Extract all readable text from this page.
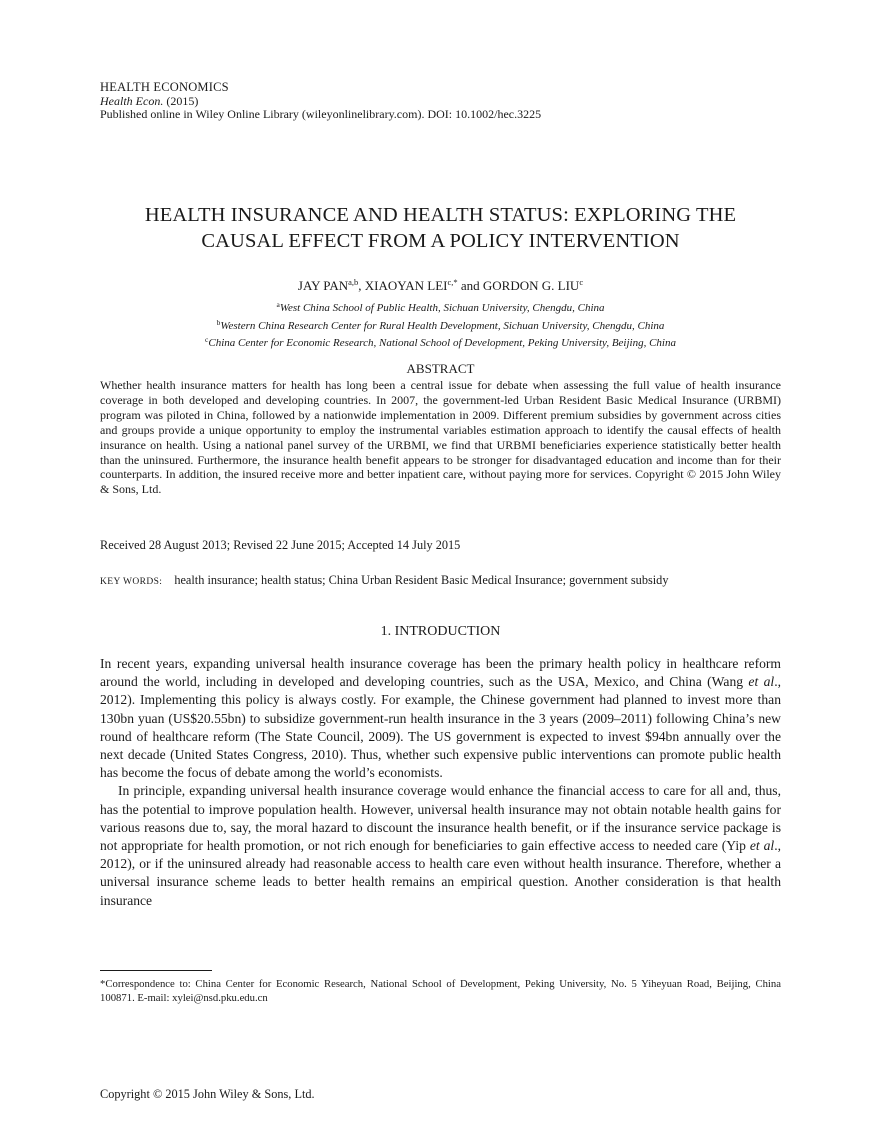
HEALTH ECONOMICS
Health Econ. (2015)
Published online in Wiley Online Library (wileyonlinelibrary.com). DOI: 10.1002/hec.3225
HEALTH INSURANCE AND HEALTH STATUS: EXPLORING THE
CAUSAL EFFECT FROM A POLICY INTERVENTION
JAY PAN$^{a,b}$, XIAOYAN $LEI^{c,*}$ and GORDON G. LIU$^c$
$^a$West China School of Public Health, Sichuan University, Chengdu, China
$^b$Western China Research Center for Rural Health Development, Sichuan University, Chengdu, China
$^c$China Center for Economic Research, National School of Development, Peking University, Beijing, China
ABSTRACT
Whether health insurance matters for health has long been a central issue for debate when assessing the full value of health insurance coverage in both developed and developing countries. In 2007, the government-led Urban Resident Basic Medical Insurance (URBMI) program was piloted in China, followed by a nationwide implementation in 2009. Different premium subsidies by government across cities and groups provide a unique opportunity to employ the instrumental variables estimation approach to identify the causal effects of health insurance on health. Using a national panel survey of the URBMI, we find that URBMI beneficiaries experience statistically better health than the uninsured. Furthermore, the insurance health benefit appears to be stronger for disadvantaged education and income than for their counterparts. In addition, the insured receive more and better inpatient care, without paying more for services. Copyright © 2015 John Wiley & Sons, Ltd.
Received 28 August 2013; Revised 22 June 2015; Accepted 14 July 2015
KEY WORDS: health insurance; health status; China Urban Resident Basic Medical Insurance; government subsidy
1. INTRODUCTION

In recent years, expanding universal health insurance coverage has been the primary health policy in healthcare reform around the world, including in developed and developing countries, such as the USA, Mexico, and China (Wang et al., 2012). Implementing this policy is always costly. For example, the Chinese government had planned to invest more than 130bn yuan (US$20.55bn) to subsidize government-run health insurance in the 3 years (2009–2011) following China’s new round of healthcare reform (The State Council, 2009). The US government is expected to invest $94bn annually over the next decade (United States Congress, 2010). Thus, whether such expensive public interventions can promote public health has become the focus of debate among the world’s economists.

In principle, expanding universal health insurance coverage would enhance the financial access to care for all and, thus, has the potential to improve population health. However, universal health insurance may not obtain notable health gains for various reasons due to, say, the moral hazard to discount the insurance health benefit, or if the insurance service package is not appropriate for health promotion, or not rich enough for beneficiaries to gain effective access to needed care (Yip et al., 2012), or if the uninsured already had reasonable access to health care even without health insurance. Therefore, whether a universal insurance scheme leads to better health remains an empirical question. Another consideration is that health insurance

*Correspondence to: China Center for Economic Research, National School of Development, Peking University, No. 5 Yiheyuan Road, Beijing, China 100871. E-mail: xylei@nsd.pku.edu.cn
Copyright © 2015 John Wiley & Sons, Ltd.
